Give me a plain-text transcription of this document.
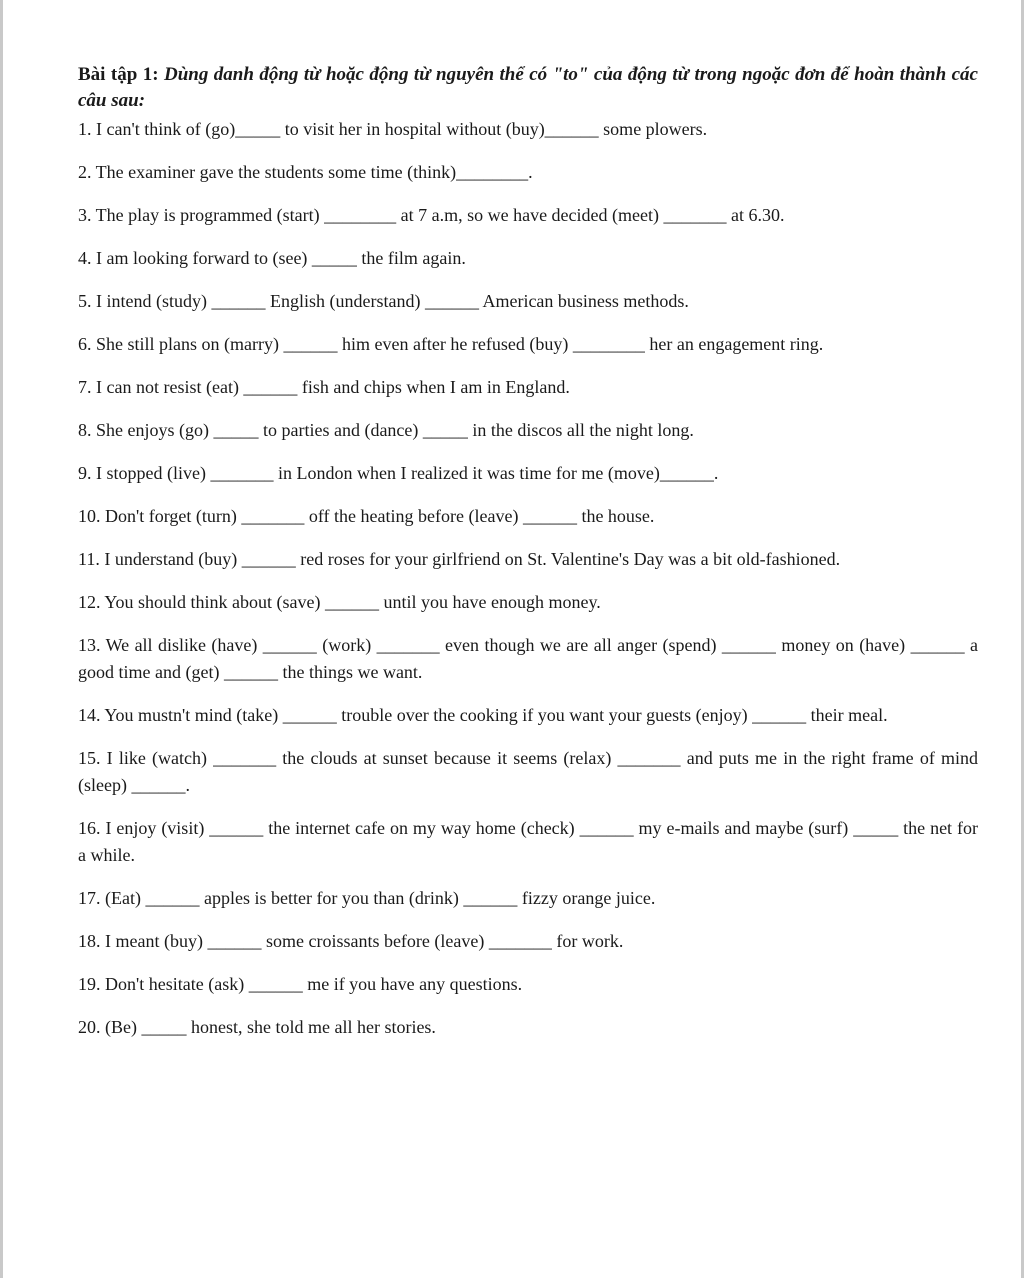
Bài tập 1: Dùng danh động từ hoặc động từ nguyên thể có "to" của động từ trong ngoặc đơn để hoàn thành các câu sau:

1. I can't think of (go)_____ to visit her in hospital without (buy)______ some plowers.
2. The examiner gave the students some time (think)________.
3. The play is programmed (start) ________ at 7 a.m, so we have decided (meet) _______ at 6.30.
4. I am looking forward to (see) _____ the film again.
5. I intend (study) ______ English (understand) ______ American business methods.
6. She still plans on (marry) ______ him even after he refused (buy) ________ her an engagement ring.
7. I can not resist (eat) ______ fish and chips when I am in England.
8. She enjoys (go) _____ to parties and (dance) _____ in the discos all the night long.
9. I stopped (live) _______ in London when I realized it was time for me (move)______.
10. Don't forget (turn) _______ off the heating before (leave) ______ the house.
11. I understand (buy) ______ red roses for your girlfriend on St. Valentine's Day was a bit old-fashioned.
12. You should think about (save) ______ until you have enough money.
13. We all dislike (have) ______ (work) _______ even though we are all anger (spend) ______ money on (have) ______ a good time and (get) ______ the things we want.
14. You mustn't mind (take) ______ trouble over the cooking if you want your guests (enjoy) ______ their meal.
15. I like (watch) _______ the clouds at sunset because it seems (relax) _______ and puts me in the right frame of mind (sleep) ______.
16. I enjoy (visit) ______ the internet cafe on my way home (check) ______ my e-mails and maybe (surf) _____ the net for a while.
17. (Eat) ______ apples is better for you than (drink) ______ fizzy orange juice.
18. I meant (buy) ______ some croissants before (leave) _______ for work.
19. Don't hesitate (ask) ______ me if you have any questions.
20. (Be) _____ honest, she told me all her stories.
